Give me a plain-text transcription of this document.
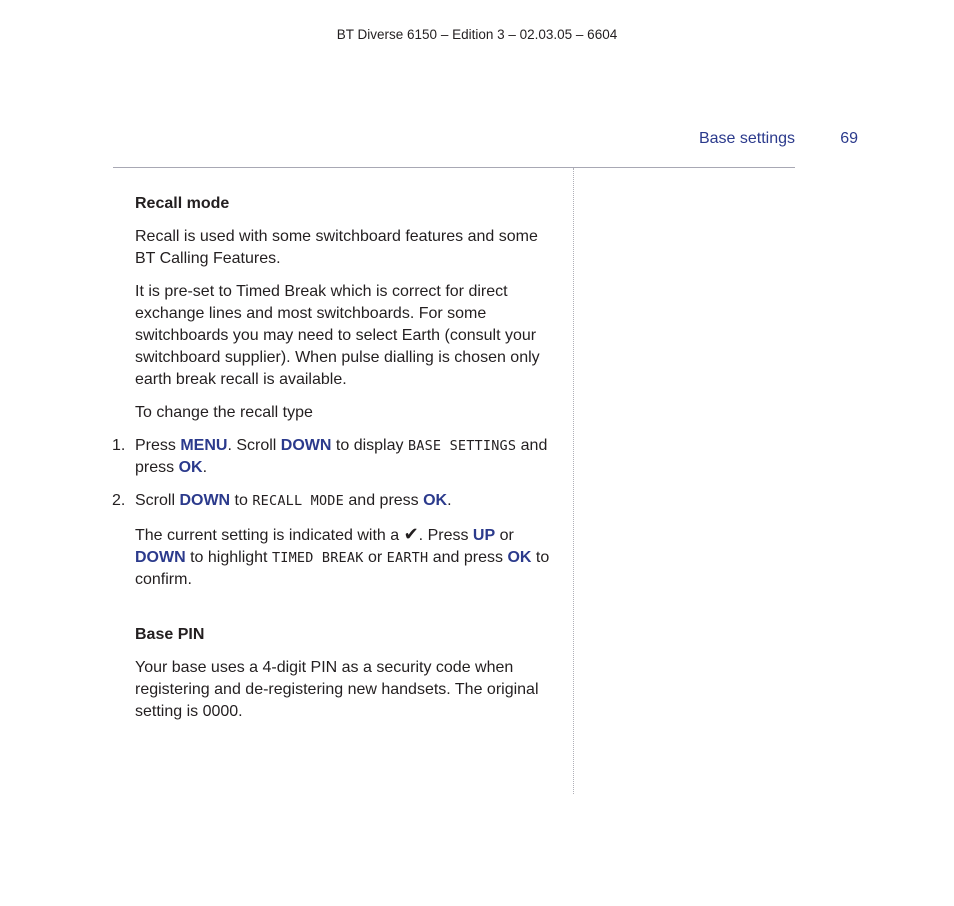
BT Diverse 6150 – Edition 3 – 02.03.05 – 6604
Base settings	69
Recall mode

Recall is used with some switchboard features and some BT Calling Features.

It is pre-set to Timed Break which is correct for direct exchange lines and most switchboards. For some switchboards you may need to select Earth (consult your switchboard supplier). When pulse dialling is chosen only earth break recall is available.

To change the recall type

1. Press MENU. Scroll DOWN to display BASE SETTINGS and press OK.
2. Scroll DOWN to RECALL MODE and press OK.

The current setting is indicated with a ✔. Press UP or DOWN to highlight TIMED BREAK or EARTH and press OK to confirm.

Base PIN

Your base uses a 4-digit PIN as a security code when registering and de-registering new handsets. The original setting is 0000.
